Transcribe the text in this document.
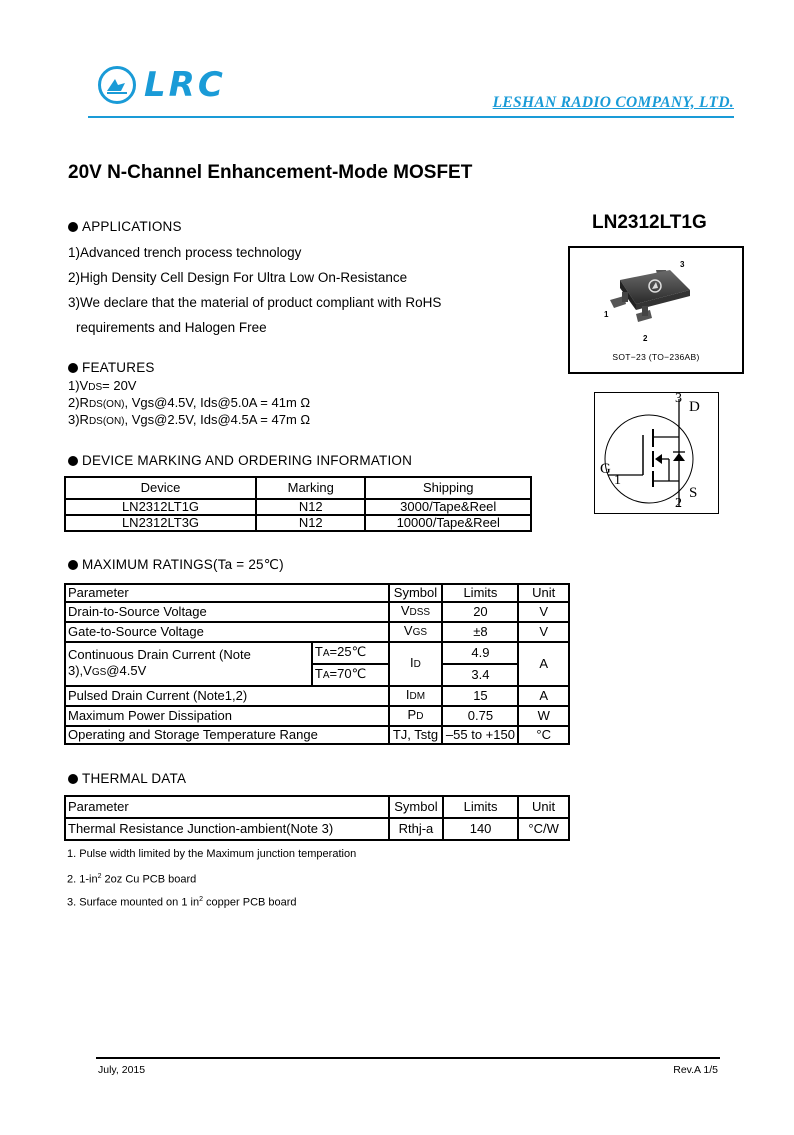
LRC	LESHAN RADIO COMPANY, LTD.
20V N-Channel Enhancement-Mode MOSFET
LN2312LT1G
APPLICATIONS
1)Advanced trench process technology
2)High Density Cell Design For Ultra Low On-Resistance
3)We declare that the material of product compliant with RoHS
requirements and Halogen Free
FEATURES
1)VDS= 20V
2)RDS(ON), Vgs@4.5V, Ids@5.0A = 41m Ω
3)RDS(ON), Vgs@2.5V, Ids@4.5A = 47m Ω
3
1
2
SOT−23 (TO−236AB)
3
D
G
1
S
2
DEVICE MARKING AND ORDERING INFORMATION
Device	Marking	Shipping
LN2312LT1G	N12	3000/Tape&Reel
LN2312LT3G	N12	10000/Tape&Reel
MAXIMUM RATINGS(Ta = 25℃)
Parameter		Symbol	Limits	Unit
Drain-to-Source Voltage		VDSS	20	V
Gate-to-Source Voltage		VGS	±8	V
Continuous Drain Current (Note
3),VGS@4.5V	TA=25℃	ID	4.9	A
	TA=70℃		3.4	
Pulsed Drain Current (Note1,2)		IDM	15	A
Maximum Power Dissipation		PD	0.75	W
Operating and Storage Temperature Range		TJ, Tstg	–55 to +150	°C
THERMAL DATA
Parameter	Symbol	Limits	Unit
Thermal Resistance Junction-ambient(Note 3)	Rthj-a	140	°C/W
1. Pulse width limited by the Maximum junction temperation
2. $1-in^2$ 2oz Cu PCB board
3. Surface mounted on 1 $in^2$ copper PCB board
July, 2015	Rev.A 1/5
